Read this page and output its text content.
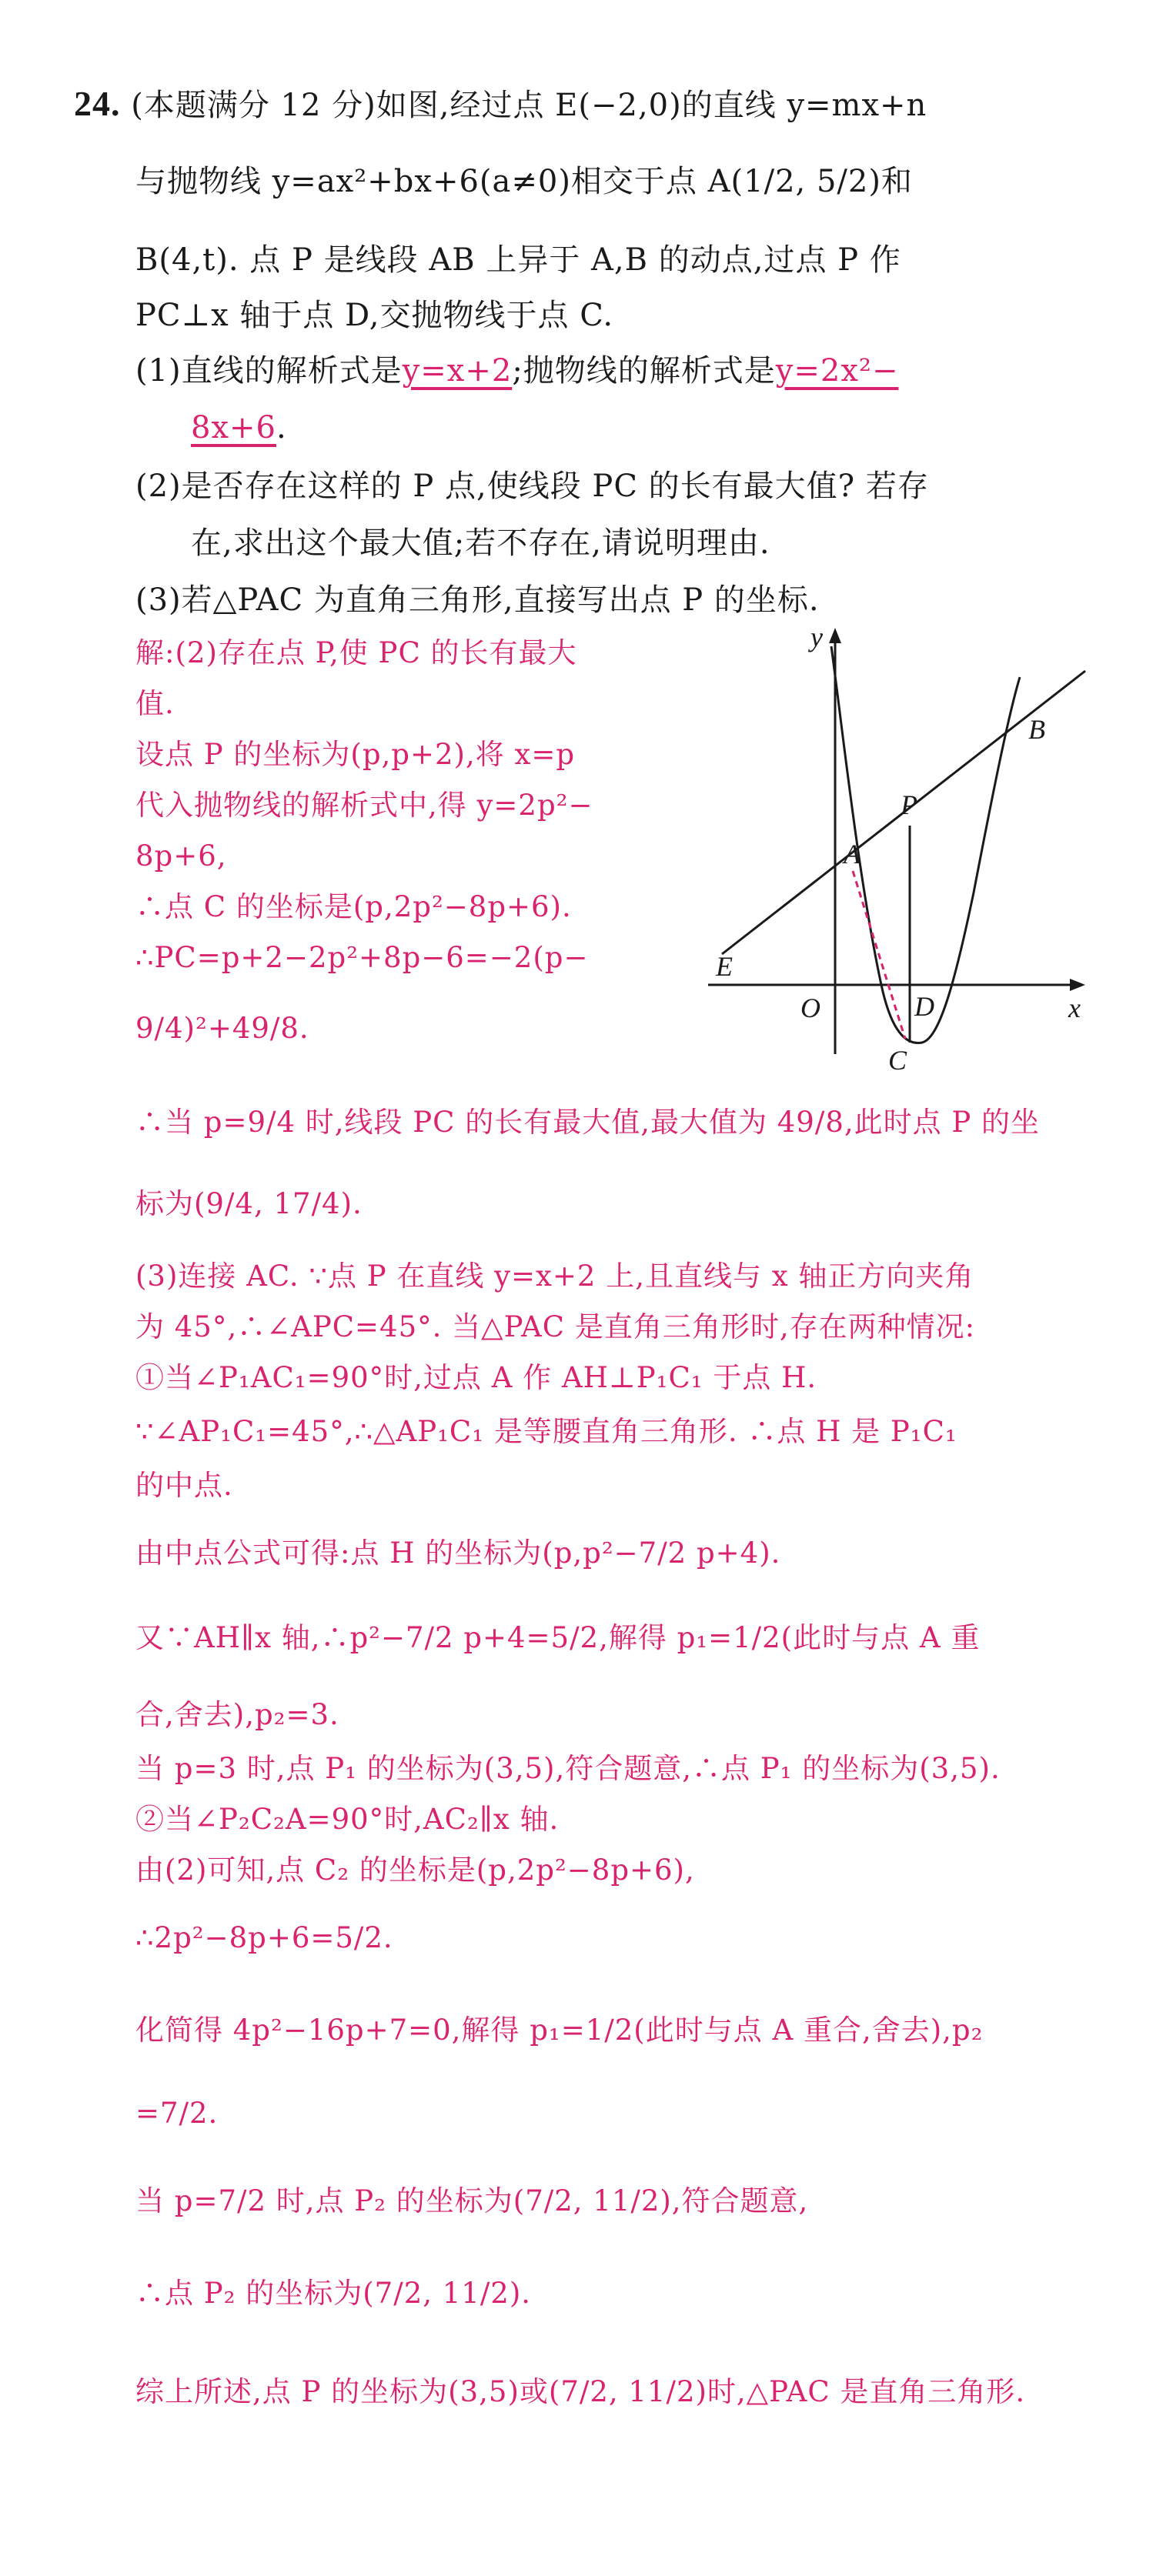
24. (本题满分 12 分)如图,经过点 E(−2,0)的直线 y=mx+n
与抛物线 y=ax²+bx+6(a≠0)相交于点 A(1/2, 5/2)和
B(4,t). 点 P 是线段 AB 上异于 A,B 的动点,过点 P 作
PC⊥x 轴于点 D,交抛物线于点 C.
(1)直线的解析式是y=x+2;抛物线的解析式是y=2x²−
8x+6.
(2)是否存在这样的 P 点,使线段 PC 的长有最大值? 若存
在,求出这个最大值;若不存在,请说明理由.
(3)若△PAC 为直角三角形,直接写出点 P 的坐标.
解:(2)存在点 P,使 PC 的长有最大
值.
设点 P 的坐标为(p,p+2),将 x=p
代入抛物线的解析式中,得 y=2p²−
8p+6,
∴点 C 的坐标是(p,2p²−8p+6).
∴PC=p+2−2p²+8p−6=−2(p−
9/4)²+49/8.
∴当 p=9/4 时,线段 PC 的长有最大值,最大值为 49/8,此时点 P 的坐
标为(9/4, 17/4).
(3)连接 AC. ∵点 P 在直线 y=x+2 上,且直线与 x 轴正方向夹角
为 45°,∴∠APC=45°. 当△PAC 是直角三角形时,存在两种情况:
①当∠P₁AC₁=90°时,过点 A 作 AH⊥P₁C₁ 于点 H.
∵∠AP₁C₁=45°,∴△AP₁C₁ 是等腰直角三角形. ∴点 H 是 P₁C₁
的中点.
由中点公式可得:点 H 的坐标为(p,p²−7/2 p+4).
又∵AH∥x 轴,∴p²−7/2 p+4=5/2,解得 p₁=1/2(此时与点 A 重
合,舍去),p₂=3.
当 p=3 时,点 P₁ 的坐标为(3,5),符合题意,∴点 P₁ 的坐标为(3,5).
②当∠P₂C₂A=90°时,AC₂∥x 轴.
由(2)可知,点 C₂ 的坐标是(p,2p²−8p+6),
∴2p²−8p+6=5/2.
化简得 4p²−16p+7=0,解得 p₁=1/2(此时与点 A 重合,舍去),p₂
=7/2.
当 p=7/2 时,点 P₂ 的坐标为(7/2, 11/2),符合题意,
∴点 P₂ 的坐标为(7/2, 11/2).
综上所述,点 P 的坐标为(3,5)或(7/2, 11/2)时,△PAC 是直角三角形.
y
x
O
E
A
B
P
D
C
